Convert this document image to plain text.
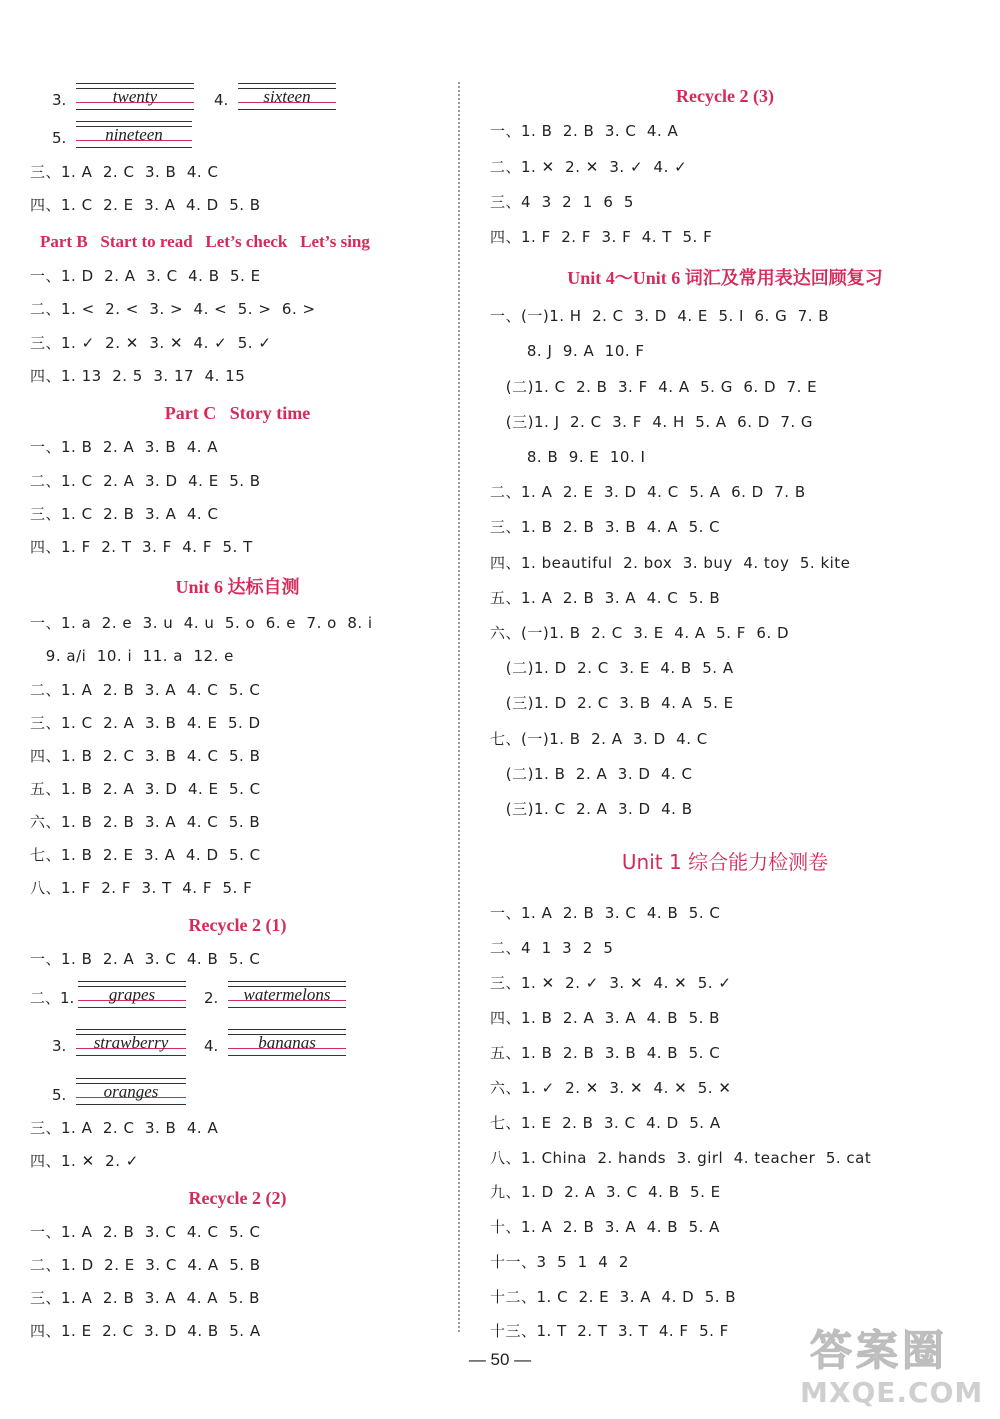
3.	twenty	4.	sixteen
5.	nineteen
三、1. A  2. C  3. B  4. C
四、1. C  2. E  3. A  4. D  5. B
Part B   Start to read   Let’s check   Let’s sing
一、1. D  2. A  3. C  4. B  5. E
二、1. <  2. <  3. >  4. <  5. >  6. >
三、1. ✓  2. ✕  3. ✕  4. ✓  5. ✓
四、1. 13  2. 5  3. 17  4. 15
Part C   Story time
一、1. B  2. A  3. B  4. A
二、1. C  2. A  3. D  4. E  5. B
三、1. C  2. B  3. A  4. C
四、1. F  2. T  3. F  4. F  5. T
Unit 6 达标自测
一、1. a  2. e  3. u  4. u  5. o  6. e  7. o  8. i
9. a/i  10. i  11. a  12. e
二、1. A  2. B  3. A  4. C  5. C
三、1. C  2. A  3. B  4. E  5. D
四、1. B  2. C  3. B  4. C  5. B
五、1. B  2. A  3. D  4. E  5. C
六、1. B  2. B  3. A  4. C  5. B
七、1. B  2. E  3. A  4. D  5. C
八、1. F  2. F  3. T  4. F  5. F
Recycle 2 (1)
一、1. B  2. A  3. C  4. B  5. C
二、1.	grapes	2.	watermelons
3.	strawberry	4.	bananas
5.	oranges
三、1. A  2. C  3. B  4. A
四、1. ✕  2. ✓
Recycle 2 (2)
一、1. A  2. B  3. C  4. C  5. C
二、1. D  2. E  3. C  4. A  5. B
三、1. A  2. B  3. A  4. A  5. B
四、1. E  2. C  3. D  4. B  5. A
Recycle 2 (3)
一、1. B  2. B  3. C  4. A
二、1. ✕  2. ✕  3. ✓  4. ✓
三、4  3  2  1  6  5
四、1. F  2. F  3. F  4. T  5. F
Unit 4～Unit 6 词汇及常用表达回顾复习
一、(一)1. H  2. C  3. D  4. E  5. I  6. G  7. B
8. J  9. A  10. F
(二)1. C  2. B  3. F  4. A  5. G  6. D  7. E
(三)1. J  2. C  3. F  4. H  5. A  6. D  7. G
8. B  9. E  10. I
二、1. A  2. E  3. D  4. C  5. A  6. D  7. B
三、1. B  2. B  3. B  4. A  5. C
四、1. beautiful  2. box  3. buy  4. toy  5. kite
五、1. A  2. B  3. A  4. C  5. B
六、(一)1. B  2. C  3. E  4. A  5. F  6. D
(二)1. D  2. C  3. E  4. B  5. A
(三)1. D  2. C  3. B  4. A  5. E
七、(一)1. B  2. A  3. D  4. C
(二)1. B  2. A  3. D  4. C
(三)1. C  2. A  3. D  4. B
Unit 1 综合能力检测卷
一、1. A  2. B  3. C  4. B  5. C
二、4  1  3  2  5
三、1. ✕  2. ✓  3. ✕  4. ✕  5. ✓
四、1. B  2. A  3. A  4. B  5. B
五、1. B  2. B  3. B  4. B  5. C
六、1. ✓  2. ✕  3. ✕  4. ✕  5. ✕
七、1. E  2. B  3. C  4. D  5. A
八、1. China  2. hands  3. girl  4. teacher  5. cat
九、1. D  2. A  3. C  4. B  5. E
十、1. A  2. B  3. A  4. B  5. A
十一、3  5  1  4  2
十二、1. C  2. E  3. A  4. D  5. B
十三、1. T  2. T  3. T  4. F  5. F
— 50 —	答案圈
MXQE.COM
